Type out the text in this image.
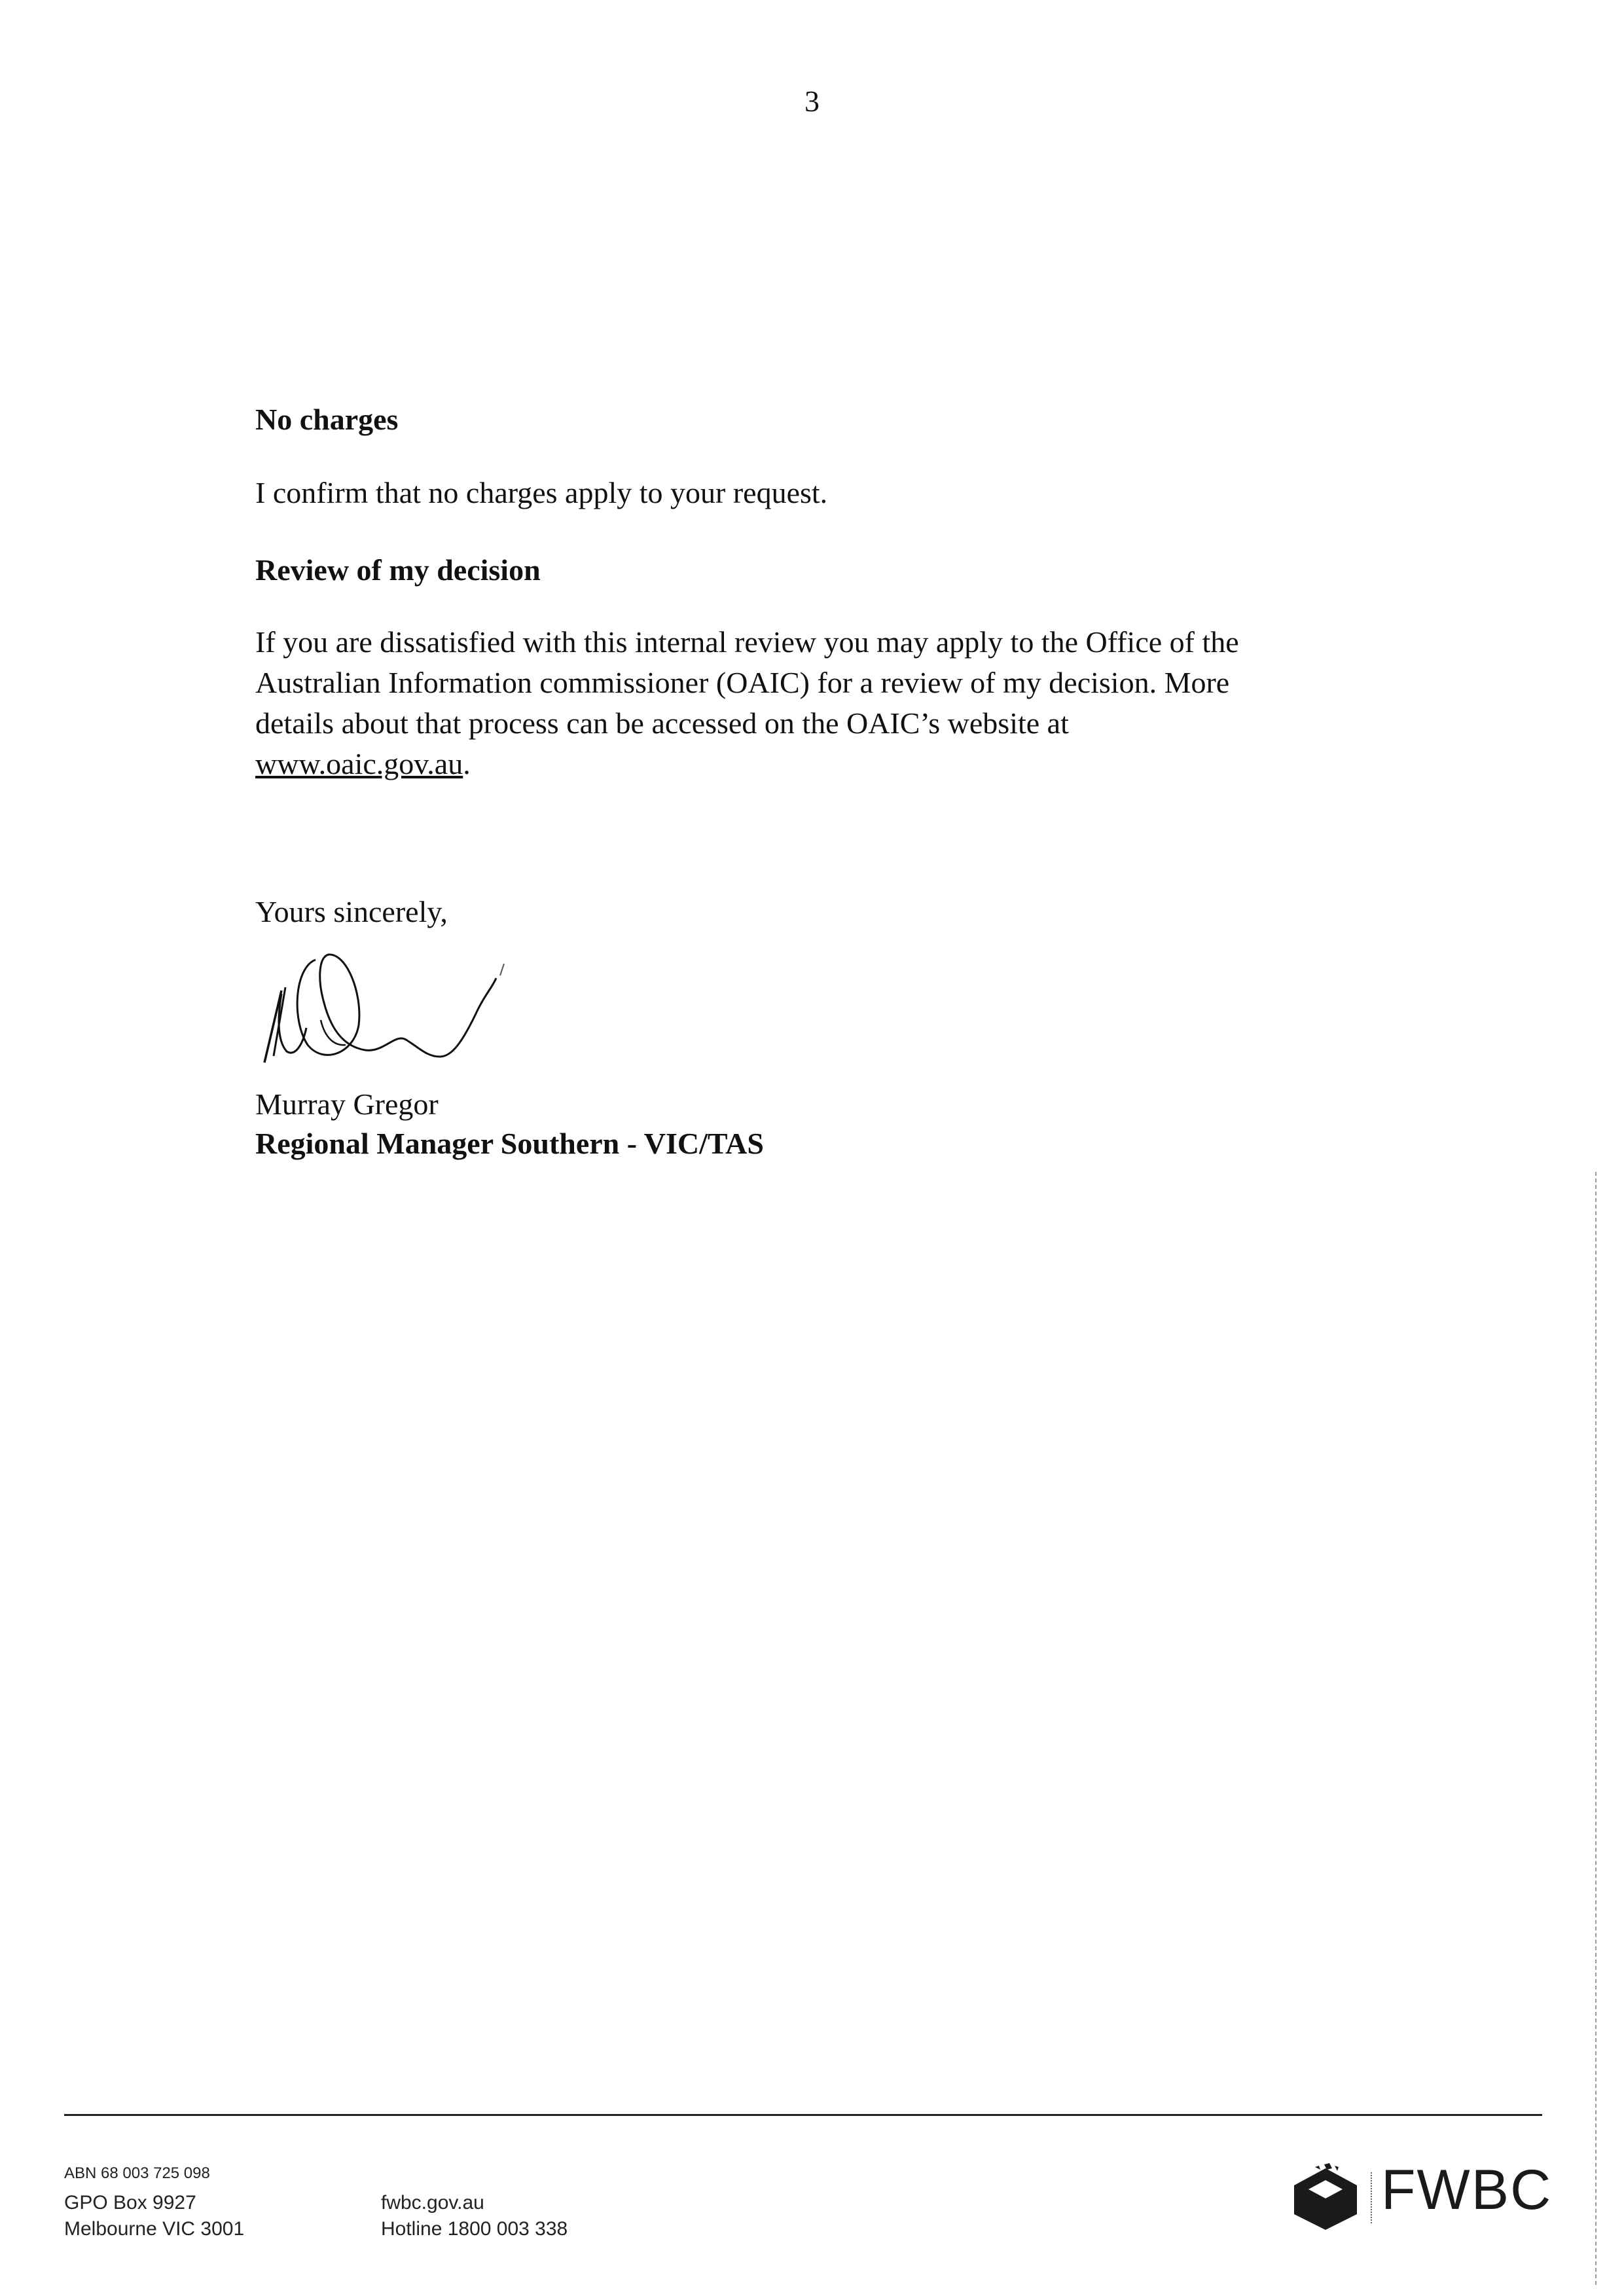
3
No charges
I confirm that no charges apply to your request.
Review of my decision
If you are dissatisfied with this internal review you may apply to the Office of the
Australian Information commissioner (OAIC) for a review of my decision. More
details about that process can be accessed on the OAIC’s website at
www.oaic.gov.au.
Yours sincerely,
Murray Gregor
Regional Manager Southern - VIC/TAS
ABN 68 003 725 098
GPO Box 9927
Melbourne VIC 3001
fwbc.gov.au
Hotline 1800 003 338
FWBC
